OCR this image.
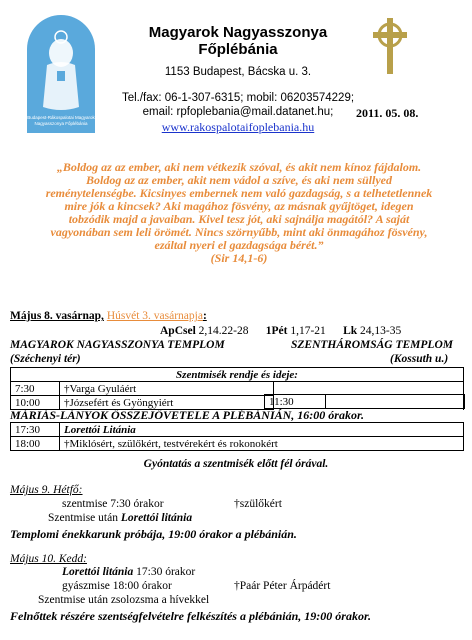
Budapest-Rákospalotai Magyarok Nagyasszonya Főplébánia
Magyarok Nagyasszonya Főplébánia
1153 Budapest, Bácska u. 3.
Tel./fax: 06-1-307-6315; mobil: 06203574229;
email: rpfoplebania@mail.datanet.hu;
www.rakospalotaifoplebania.hu
2011. 05. 08.
„Boldog az az ember, aki nem vétkezik szóval, és akit nem kínoz fájdalom. Boldog az az ember, akit nem vádol a szíve, és aki nem süllyed reménytelenségbe. Kicsinyes embernek nem való gazdagság, s a telhetetlennek mire jók a kincsek? Aki magához fösvény, az másnak gyűjtöget, idegen tobzódik majd a javaiban. Kivel tesz jót, aki sajnálja magától? A saját vagyonában sem leli örömét. Nincs szörnyűbb, mint aki önmagához fösvény, ezáltal nyeri el gazdagsága bérét.”
(Sir 14,1-6)
Május 8. vasárnap, Húsvét 3. vasárnapja:
ApCsel 2,14.22-28 1Pét 1,17-21 Lk 24,13-35
MAGYAROK NAGYASSZONYA TEMPLOM	SZENTHÁROMSÁG TEMPLOM
(Széchenyi tér)	(Kossuth u.)
Szentmisék rendje és ideje:		
7:30	†Varga Gyuláért	
10:00	†Józsefért és Gyöngyiért		11:30	
MÁRIÁS-LÁNYOK ÖSSZEJÖVETELE A PLÉBÁNIÁN, 16:00 órakor.
17:30	Lorettói Litánia
18:00	†Miklósért, szülőkért, testvérekért és rokonokért
Gyóntatás a szentmisék előtt fél órával.
Május 9. Hétfő:
szentmise 7:30 órakor	†szülőkért
Szentmise után Lorettói litánia
Templomi énekkarunk próbája, 19:00 órakor a plébánián.
Május 10. Kedd:
Lorettói litánia 17:30 órakor
gyászmise 18:00 órakor	†Paár Péter Árpádért
Szentmise után zsolozsma a hívekkel
Felnőttek részére szentségfelvételre felkészítés a plébánián, 19:00 órakor.
